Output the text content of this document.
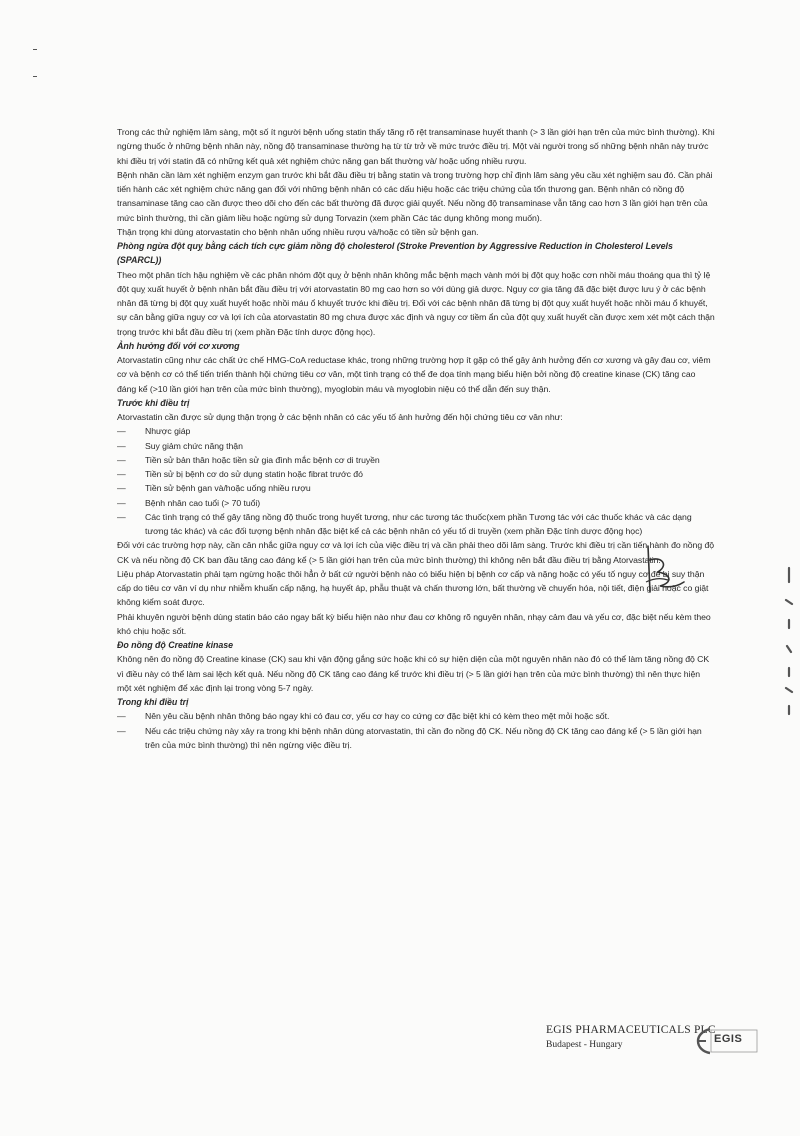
Trong các thử nghiệm lâm sàng, một số ít người bệnh uống statin thấy tăng rõ rệt transaminase huyết thanh (> 3 lần giới hạn trên của mức bình thường). Khi ngừng thuốc ở những bệnh nhân này, nồng độ transaminase thường hạ từ từ trở về mức trước điều trị. Một vài người trong số những bệnh nhân này trước khi điều trị với statin đã có những kết quả xét nghiệm chức năng gan bất thường và/ hoặc uống nhiều rượu.

Bệnh nhân cần làm xét nghiệm enzym gan trước khi bắt đầu điều trị bằng statin và trong trường hợp chỉ định lâm sàng yêu cầu xét nghiệm sau đó. Cần phải tiến hành các xét nghiệm chức năng gan đối với những bệnh nhân có các dấu hiệu hoặc các triệu chứng của tổn thương gan. Bệnh nhân có nồng độ transaminase tăng cao cần được theo dõi cho đến các bất thường đã được giải quyết. Nếu nồng độ transaminase vẫn tăng cao hơn 3 lần giới hạn trên của mức bình thường, thì cần giảm liều hoặc ngừng sử dụng Torvazin (xem phần Các tác dụng không mong muốn).

Thận trọng khi dùng atorvastatin cho bệnh nhân uống nhiều rượu và/hoặc có tiền sử bệnh gan.

Phòng ngừa đột quỵ bằng cách tích cực giảm nồng độ cholesterol (Stroke Prevention by Aggressive Reduction in Cholesterol Levels (SPARCL))

Theo một phân tích hậu nghiệm về các phân nhóm đột quỵ ở bệnh nhân không mắc bệnh mạch vành mới bị đột quỵ hoặc cơn nhồi máu thoáng qua thì tỷ lệ đột quỵ xuất huyết ở bệnh nhân bắt đầu điều trị với atorvastatin 80 mg cao hơn so với dùng giả dược. Nguy cơ gia tăng đã đặc biệt được lưu ý ở các bệnh nhân đã từng bị đột quỵ xuất huyết hoặc nhồi máu ổ khuyết trước khi điều trị. Đối với các bệnh nhân đã từng bị đột quỵ xuất huyết hoặc nhồi máu ổ khuyết, sự cân bằng giữa nguy cơ và lợi ích của atorvastatin 80 mg chưa được xác định và nguy cơ tiềm ẩn của đột quỵ xuất huyết cần được xem xét một cách thận trọng trước khi bắt đầu điều trị (xem phần Đặc tính dược động học).

Ảnh hưởng đối với cơ xương

Atorvastatin cũng như các chất ức chế HMG-CoA reductase khác, trong những trường hợp ít gặp có thể gây ảnh hưởng đến cơ xương và gây đau cơ, viêm cơ và bệnh cơ có thể tiến triển thành hội chứng tiêu cơ vân, một tình trạng có thể đe dọa tính mạng biểu hiện bởi nồng độ creatine kinase (CK) tăng cao đáng kể (>10 lần giới hạn trên của mức bình thường), myoglobin máu và myoglobin niệu có thể dẫn đến suy thận.

Trước khi điều trị

Atorvastatin cần được sử dụng thận trọng ở các bệnh nhân có các yếu tố ảnh hưởng đến hội chứng tiêu cơ vân như:

— Nhược giáp
— Suy giảm chức năng thận
— Tiền sử bản thân hoặc tiền sử gia đình mắc bệnh cơ di truyền
— Tiền sử bị bệnh cơ do sử dụng statin hoặc fibrat trước đó
— Tiền sử bệnh gan và/hoặc uống nhiều rượu
— Bệnh nhân cao tuổi (> 70 tuổi)
— Các tình trạng có thể gây tăng nồng độ thuốc trong huyết tương, như các tương tác thuốc(xem phần Tương tác với các thuốc khác và các dạng tương tác khác) và các đối tượng bệnh nhân đặc biệt kể cả các bệnh nhân có yếu tố di truyền (xem phần Đặc tính dược động học)

Đối với các trường hợp này, cần cân nhắc giữa nguy cơ và lợi ích của việc điều trị và cần phải theo dõi lâm sàng. Trước khi điều trị cần tiến hành đo nồng độ CK và nếu nồng độ CK ban đầu tăng cao đáng kể (> 5 lần giới hạn trên của mức bình thường) thì không nên bắt đầu điều trị bằng Atorvastatin.

Liệu pháp Atorvastatin phải tạm ngừng hoặc thôi hẳn ở bất cứ người bệnh nào có biểu hiện bị bệnh cơ cấp và nặng hoặc có yếu tố nguy cơ để bị suy thận cấp do tiêu cơ vân ví dụ như nhiễm khuẩn cấp nặng, hạ huyết áp, phẫu thuật và chấn thương lớn, bất thường về chuyển hóa, nội tiết, điện giải hoặc co giật không kiểm soát được.

Phải khuyên người bệnh dùng statin báo cáo ngay bất kỳ biểu hiện nào như đau cơ không rõ nguyên nhân, nhạy cảm đau và yếu cơ, đặc biệt nếu kèm theo khó chịu hoặc sốt.

Đo nồng độ Creatine kinase

Không nên đo nồng độ Creatine kinase (CK) sau khi vận động gắng sức hoặc khi có sự hiện diện của một nguyên nhân nào đó có thể làm tăng nồng độ CK vì điều này có thể làm sai lệch kết quả. Nếu nồng độ CK tăng cao đáng kể trước khi điều trị (> 5 lần giới hạn trên của mức bình thường) thì nên thực hiện một xét nghiệm để xác định lại trong vòng 5-7 ngày.

Trong khi điều trị
— Nên yêu cầu bệnh nhân thông báo ngay khi có đau cơ, yếu cơ hay co cứng cơ đặc biệt khi có kèm theo mệt mỏi hoặc sốt.
— Nếu các triệu chứng này xảy ra trong khi bệnh nhân dùng atorvastatin, thì cần đo nồng độ CK. Nếu nồng độ CK tăng cao đáng kể (> 5 lần giới hạn trên của mức bình thường) thì nên ngừng việc điều trị.
EGIS PHARMACEUTICALS PLC
Budapest - Hungary	EGIS
